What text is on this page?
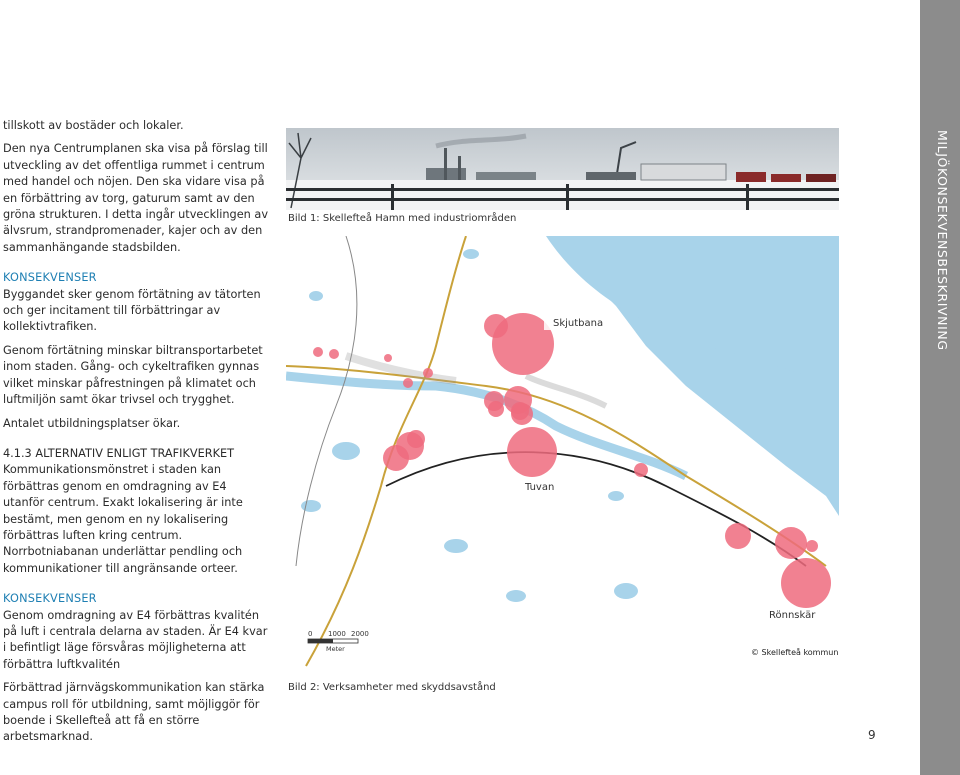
tillskott av bostäder och lokaler.

Den nya Centrumplanen ska visa på förslag till utveckling av det offentliga rummet i centrum med handel och nöjen. Den ska vidare visa på en förbättring av torg, gaturum samt av den gröna strukturen. I detta ingår utvecklingen av älvsrum, strandpromenader, kajer och av den sammanhängande stadsbilden.

KONSEKVENSER

Byggandet sker genom förtätning av tätorten och ger incitament till förbättringar av kollektivtrafiken.

Genom förtätning minskar biltransportarbetet inom staden. Gång- och cykeltrafiken gynnas vilket minskar påfrestningen på klimatet och luftmiljön samt ökar trivsel och trygghet.

Antalet utbildningsplatser ökar.

4.1.3 ALTERNATIV ENLIGT TRAFIKVERKET

Kommunikationsmönstret i staden kan förbättras genom en omdragning av E4 utanför centrum. Exakt lokalisering är inte bestämt, men genom en ny lokalisering förbättras luften kring centrum. Norrbotniabanan underlättar pendling och kommunikationer till angränsande orteer.

KONSEKVENSER

Genom omdragning av E4 förbättras kvalitén på luft i centrala delarna av staden. Är E4 kvar i befintligt läge försvåras möjligheterna att förbättra luftkvalitén

Förbättrad järnvägskommunikation kan stärka campus roll för utbildning, samt möjliggör för boende i Skellefteå att få en större arbetsmarknad.

Bild 1: Skellefteå Hamn med industriområden
Skjutbana
Tuvan
Rönnskär
0 1000 2000
Meter	© Skellefteå kommun
Bild 2: Verksamheter med skyddsavstånd
MILJÖKONSEKVENSBESKRIVNING
9
